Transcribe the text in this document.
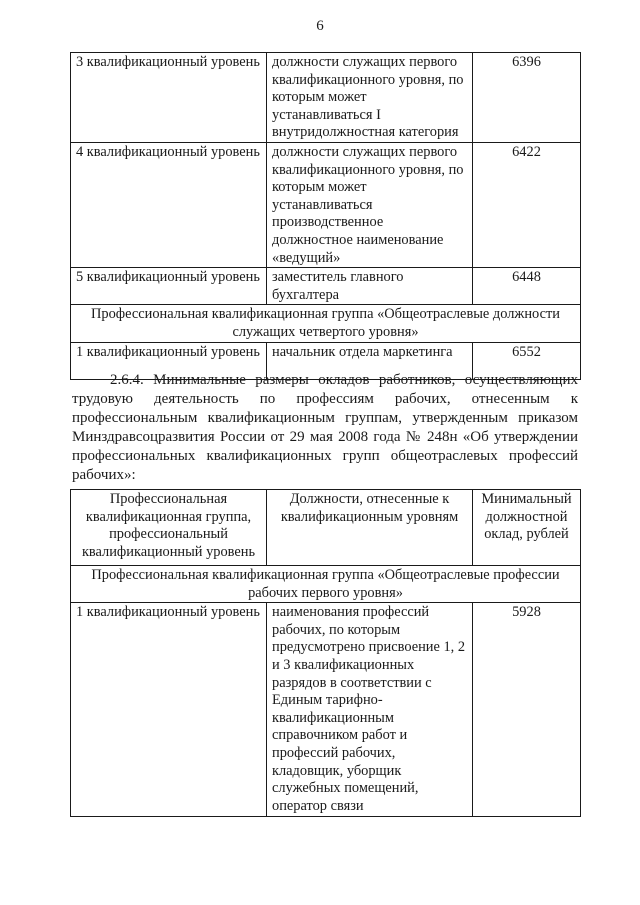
6
3 квалификационный уровень	должности служащих первого квалификационного уровня, по которым может устанавливаться I внутридолжностная категория	6396
4 квалификационный уровень	должности служащих первого квалификационного уровня, по которым может устанавливаться производственное должностное наименование «ведущий»	6422
5 квалификационный уровень	заместитель главного бухгалтера	6448
Профессиональная квалификационная группа «Общеотраслевые должности служащих четвертого уровня»		
1 квалификационный уровень	начальник отдела маркетинга	6552
2.6.4. Минимальные размеры окладов работников, осуществляющих трудовую деятельность по профессиям рабочих, отнесенным к профессиональным квалификационным группам, утвержденным приказом Минздравсоцразвития России от 29 мая 2008 года № 248н «Об утверждении профессиональных квалификационных групп общеотраслевых профессий рабочих»:
Профессиональная квалификационная группа, профессиональный квалификационный уровень	Должности, отнесенные к квалификационным уровням	Минимальный должностной оклад, рублей
Профессиональная квалификационная группа «Общеотраслевые профессии рабочих первого уровня»		
1 квалификационный уровень	наименования профессий рабочих, по которым предусмотрено присвоение 1, 2 и 3 квалификационных разрядов в соответствии с Единым тарифно-квалификационным справочником работ и профессий рабочих, кладовщик, уборщик служебных помещений, оператор связи	5928
